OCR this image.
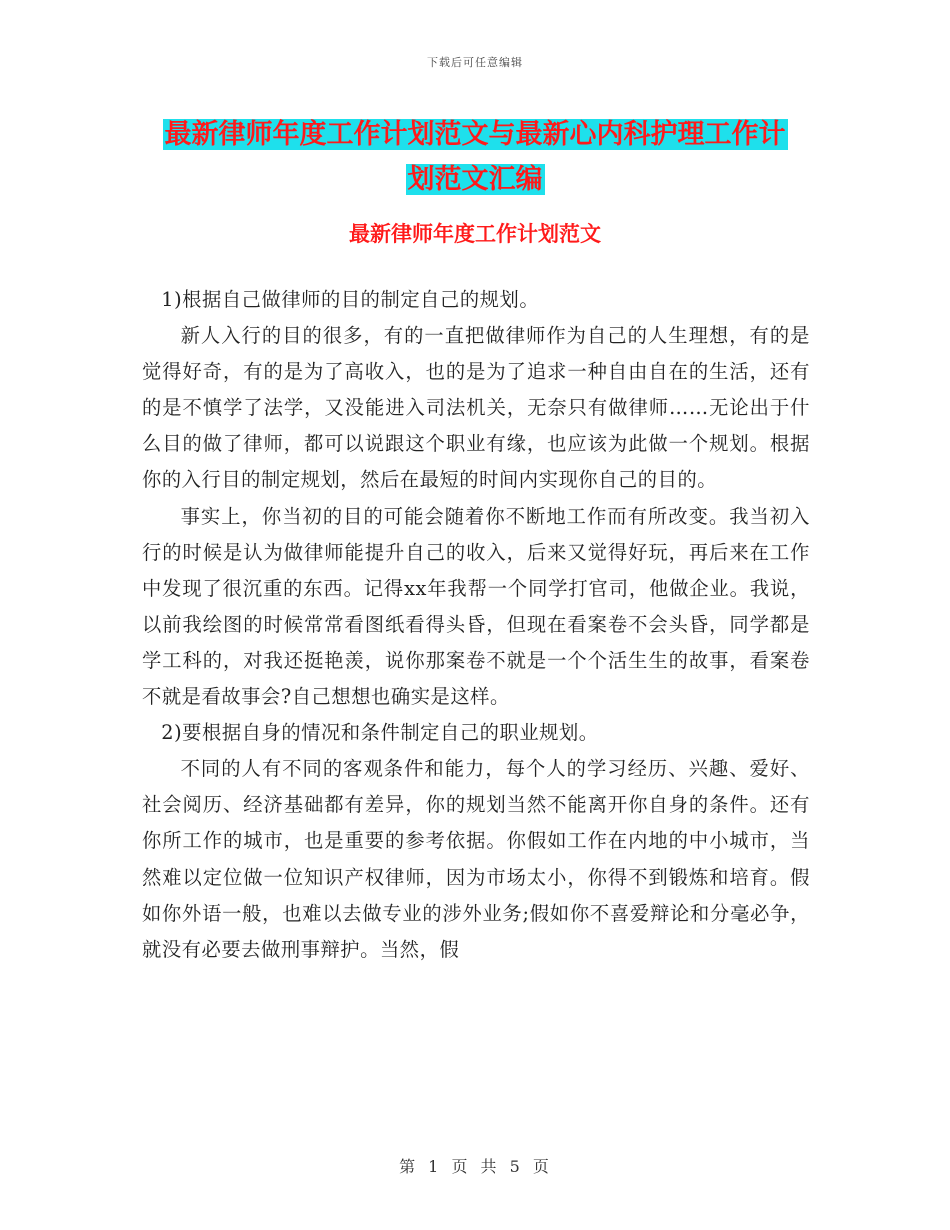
下载后可任意编辑
最新律师年度工作计划范文与最新心内科护理工作计
划范文汇编
最新律师年度工作计划范文

1)根据自己做律师的目的制定自己的规划。

新人入行的目的很多，有的一直把做律师作为自己的人生理想，有的是觉得好奇，有的是为了高收入，也的是为了追求一种自由自在的生活，还有的是不慎学了法学，又没能进入司法机关，无奈只有做律师……无论出于什么目的做了律师，都可以说跟这个职业有缘，也应该为此做一个规划。根据你的入行目的制定规划，然后在最短的时间内实现你自己的目的。

事实上，你当初的目的可能会随着你不断地工作而有所改变。我当初入行的时候是认为做律师能提升自己的收入，后来又觉得好玩，再后来在工作中发现了很沉重的东西。记得xx年我帮一个同学打官司，他做企业。我说，以前我绘图的时候常常看图纸看得头昏，但现在看案卷不会头昏，同学都是学工科的，对我还挺艳羡，说你那案卷不就是一个个活生生的故事，看案卷不就是看故事会?自己想想也确实是这样。

2)要根据自身的情况和条件制定自己的职业规划。

不同的人有不同的客观条件和能力，每个人的学习经历、兴趣、爱好、社会阅历、经济基础都有差异，你的规划当然不能离开你自身的条件。还有你所工作的城市，也是重要的参考依据。你假如工作在内地的中小城市，当然难以定位做一位知识产权律师，因为市场太小，你得不到锻炼和培育。假如你外语一般，也难以去做专业的涉外业务;假如你不喜爱辩论和分毫必争，就没有必要去做刑事辩护。当然，假

第 1 页 共 5 页
